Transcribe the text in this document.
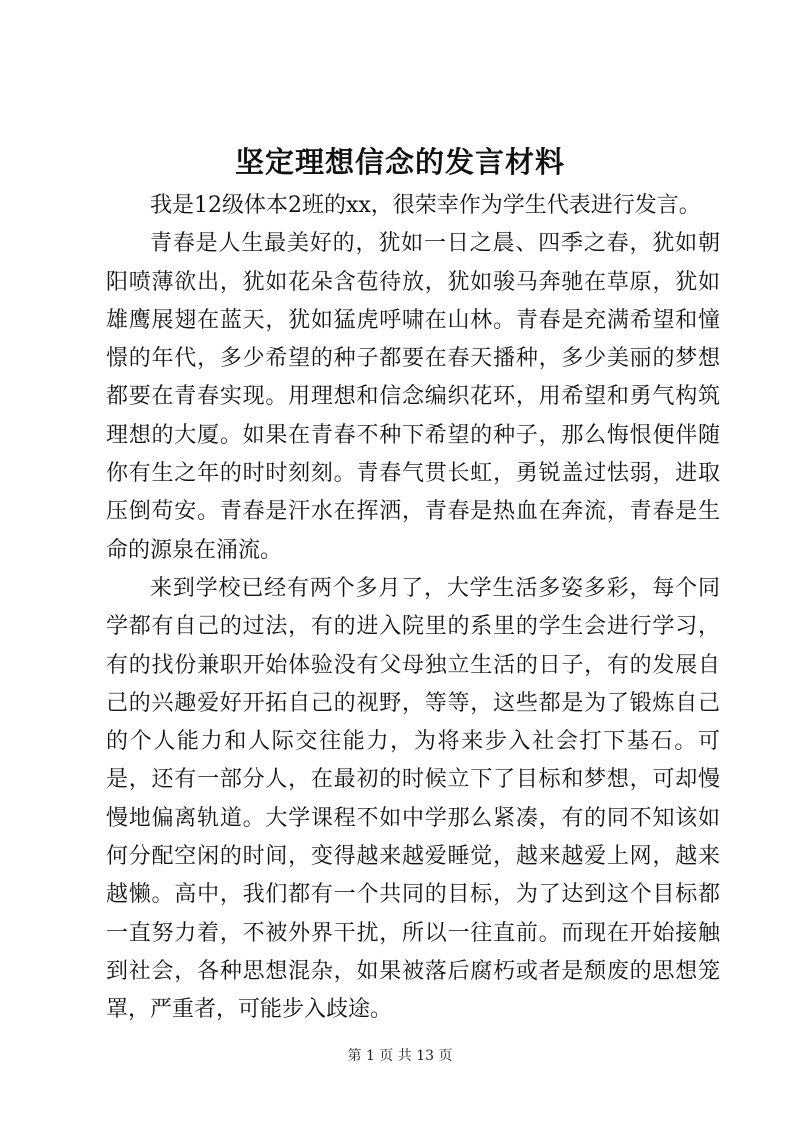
坚定理想信念的发言材料

我是12级体本2班的xx，很荣幸作为学生代表进行发言。

青春是人生最美好的，犹如一日之晨、四季之春，犹如朝阳喷薄欲出，犹如花朵含苞待放，犹如骏马奔驰在草原，犹如雄鹰展翅在蓝天，犹如猛虎呼啸在山林。青春是充满希望和憧憬的年代，多少希望的种子都要在春天播种，多少美丽的梦想都要在青春实现。用理想和信念编织花环，用希望和勇气构筑理想的大厦。如果在青春不种下希望的种子，那么悔恨便伴随你有生之年的时时刻刻。青春气贯长虹，勇锐盖过怯弱，进取压倒苟安。青春是汗水在挥洒，青春是热血在奔流，青春是生命的源泉在涌流。

来到学校已经有两个多月了，大学生活多姿多彩，每个同学都有自己的过法，有的进入院里的系里的学生会进行学习，有的找份兼职开始体验没有父母独立生活的日子，有的发展自己的兴趣爱好开拓自己的视野，等等，这些都是为了锻炼自己的个人能力和人际交往能力，为将来步入社会打下基石。可是，还有一部分人，在最初的时候立下了目标和梦想，可却慢慢地偏离轨道。大学课程不如中学那么紧凑，有的同不知该如何分配空闲的时间，变得越来越爱睡觉，越来越爱上网，越来越懒。高中，我们都有一个共同的目标，为了达到这个目标都一直努力着，不被外界干扰，所以一往直前。而现在开始接触到社会，各种思想混杂，如果被落后腐朽或者是颓废的思想笼罩，严重者，可能步入歧途。

第 1 页 共 13 页
